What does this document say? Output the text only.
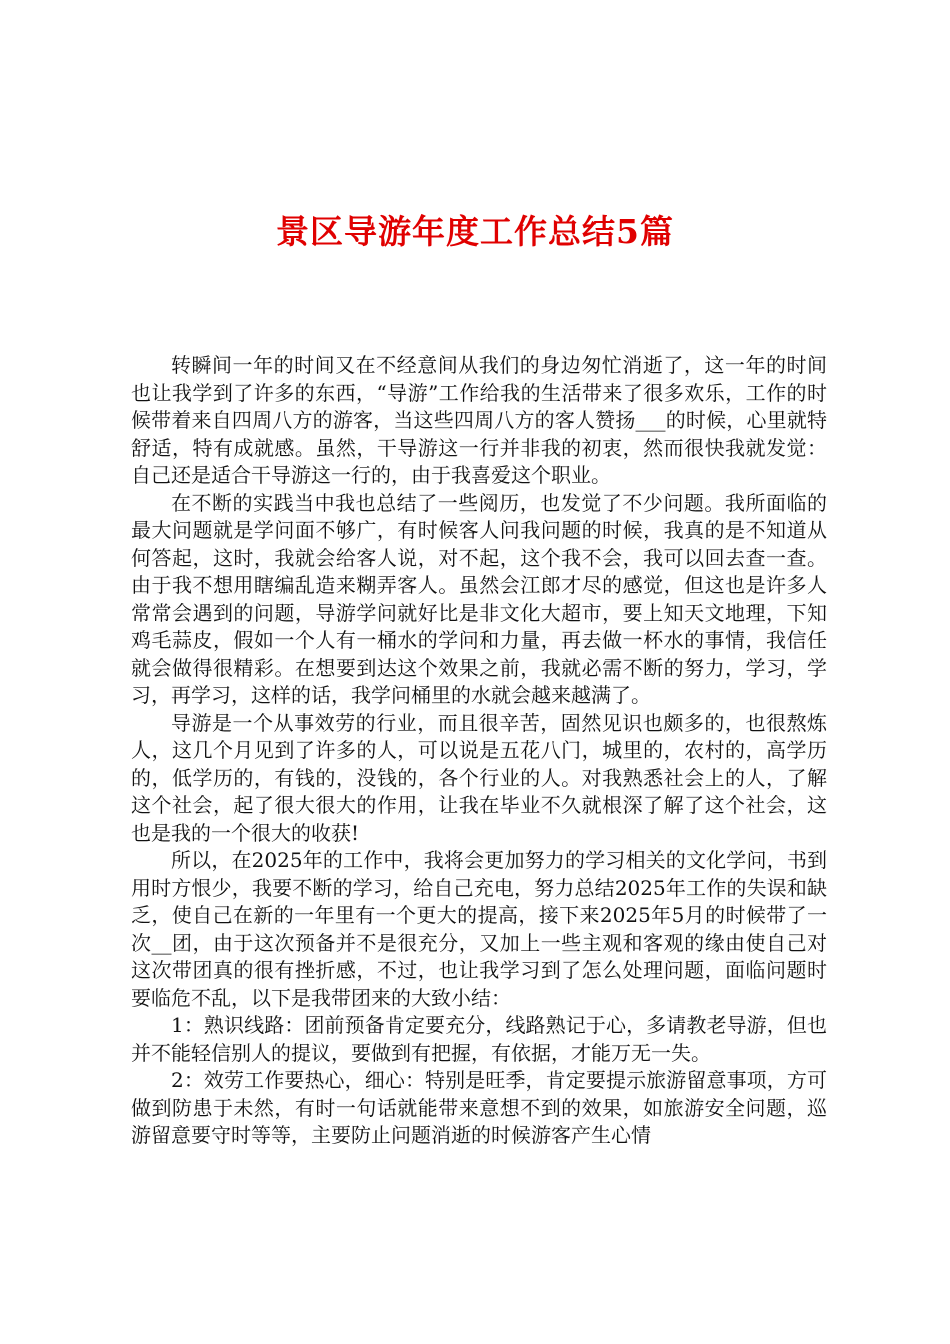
景区导游年度工作总结5篇

转瞬间一年的时间又在不经意间从我们的身边匆忙消逝了，这一年的时间也让我学到了许多的东西，“导游”工作给我的生活带来了很多欢乐，工作的时候带着来自四周八方的游客，当这些四周八方的客人赞扬___的时候，心里就特舒适，特有成就感。虽然，干导游这一行并非我的初衷，然而很快我就发觉：自己还是适合干导游这一行的，由于我喜爱这个职业。

在不断的实践当中我也总结了一些阅历，也发觉了不少问题。我所面临的最大问题就是学问面不够广，有时候客人问我问题的时候，我真的是不知道从何答起，这时，我就会给客人说，对不起，这个我不会，我可以回去查一查。由于我不想用瞎编乱造来糊弄客人。虽然会江郎才尽的感觉，但这也是许多人常常会遇到的问题，导游学问就好比是非文化大超市，要上知天文地理，下知鸡毛蒜皮，假如一个人有一桶水的学问和力量，再去做一杯水的事情，我信任就会做得很精彩。在想要到达这个效果之前，我就必需不断的努力，学习，学习，再学习，这样的话，我学问桶里的水就会越来越满了。

导游是一个从事效劳的行业，而且很辛苦，固然见识也颇多的，也很熬炼人，这几个月见到了许多的人，可以说是五花八门，城里的，农村的，高学历的，低学历的，有钱的，没钱的，各个行业的人。对我熟悉社会上的人，了解这个社会，起了很大很大的作用，让我在毕业不久就根深了解了这个社会，这也是我的一个很大的收获!

所以，在2025年的工作中，我将会更加努力的学习相关的文化学问，书到用时方恨少，我要不断的学习，给自己充电，努力总结2025年工作的失误和缺乏，使自己在新的一年里有一个更大的提高，接下来2025年5月的时候带了一次__团，由于这次预备并不是很充分，又加上一些主观和客观的缘由使自己对这次带团真的很有挫折感，不过，也让我学习到了怎么处理问题，面临问题时要临危不乱，以下是我带团来的大致小结：

1：熟识线路：团前预备肯定要充分，线路熟记于心，多请教老导游，但也并不能轻信别人的提议，要做到有把握，有依据，才能万无一失。

2：效劳工作要热心，细心：特别是旺季，肯定要提示旅游留意事项，方可做到防患于未然，有时一句话就能带来意想不到的效果，如旅游安全问题，巡游留意要守时等等，主要防止问题消逝的时候游客产生心情
